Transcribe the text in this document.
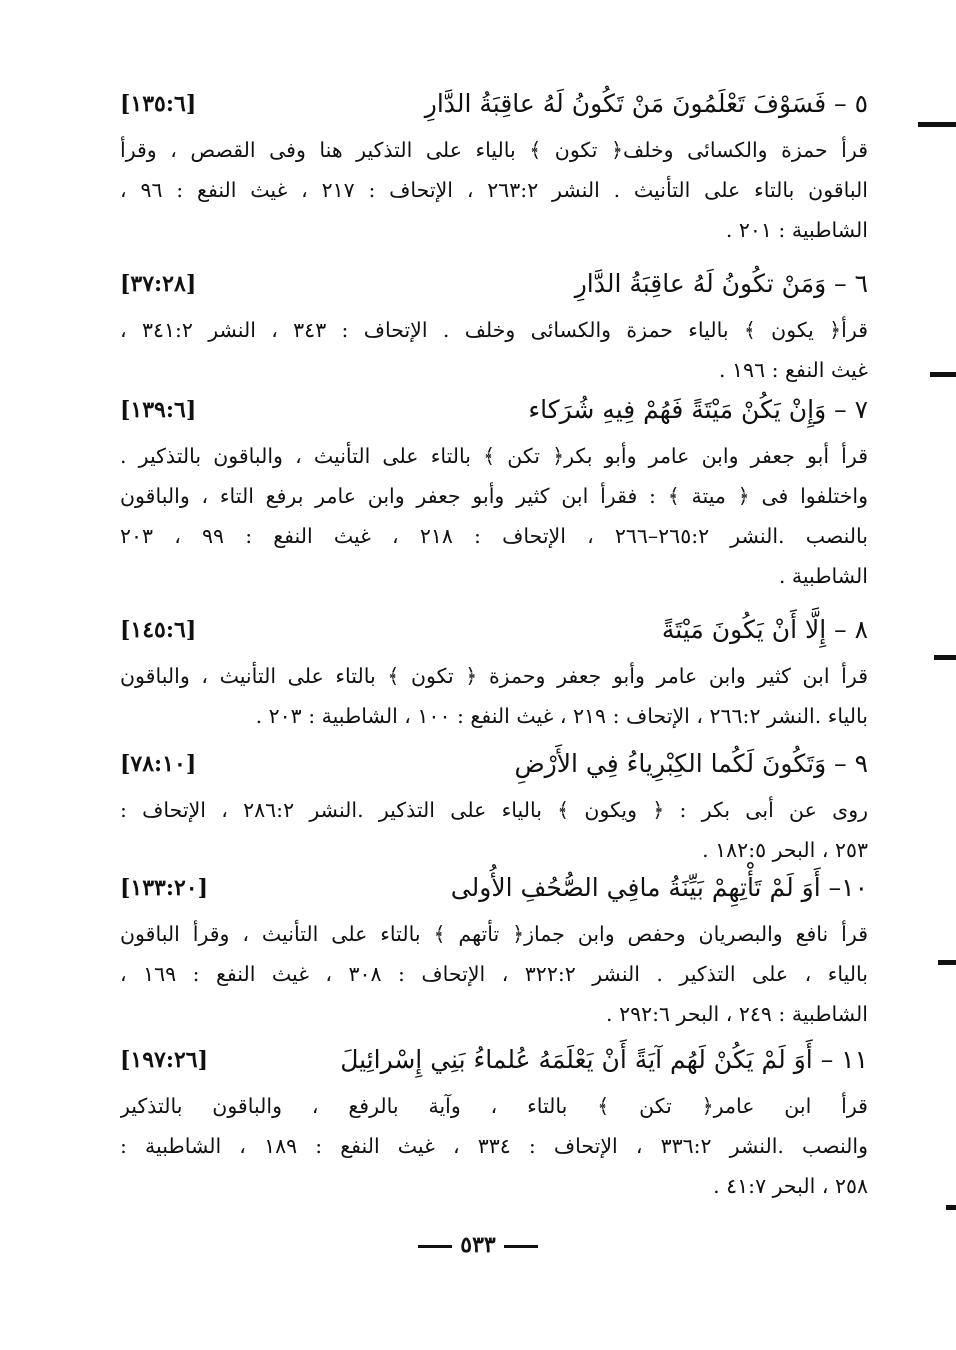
٥ – فَسَوْفَ تَعْلَمُونَ مَنْ تَكُونُ لَهُ عاقِبَةُ الدَّارِ
[١٣٥:٦]
قرأ حمزة والكسائى وخلف﴿ تكون ﴾ بالياء على التذكير هنا وفى القصص ، وقرأ
الباقون بالتاء على التأنيث . النشر ٢٦٣:٢ ، الإتحاف : ٢١٧ ، غيث النفع : ٩٦ ،
الشاطبية : ٢٠١ .
٦ – وَمَنْ تكُونُ لَهُ عاقِبَةُ الدَّارِ
[٣٧:٢٨]
قرأ﴿ يكون ﴾ بالياء حمزة والكسائى وخلف . الإتحاف : ٣٤٣ ، النشر ٣٤١:٢ ،
غيث النفع : ١٩٦ .
٧ – وَإِنْ يَكُنْ مَيْتَةً فَهُمْ فِيهِ شُرَكاء
[١٣٩:٦]
قرأ أبو جعفر وابن عامر وأبو بكر﴿ تكن ﴾ بالتاء على التأنيث ، والباقون بالتذكير .
واختلفوا فى ﴿ ميتة ﴾ : فقرأ ابن كثير وأبو جعفر وابن عامر برفع التاء ، والباقون
بالنصب .النشر ٢٦٥:٢–٢٦٦ ، الإتحاف : ٢١٨ ، غيث النفع : ٩٩ ، ٢٠٣
الشاطبية .
٨ – إِلَّا أَنْ يَكُونَ مَيْتَةً
[١٤٥:٦]
قرأ ابن كثير وابن عامر وأبو جعفر وحمزة ﴿ تكون ﴾ بالتاء على التأنيث ، والباقون
بالياء .النشر ٢٦٦:٢ ، الإتحاف : ٢١٩ ، غيث النفع : ١٠٠ ، الشاطبية : ٢٠٣ .
٩ – وَتَكُونَ لَكُما الكِبْرِياءُ فِي الأَرْضِ
[٧٨:١٠]
روى عن أبى بكر : ﴿ ويكون ﴾ بالياء على التذكير .النشر ٢٨٦:٢ ، الإتحاف :
٢٥٣ ، البحر ١٨٢:٥ .
١٠– أَوَ لَمْ تَأْتِهِمْ بَيِّنَةُ مافِي الصُّحُفِ الأُولى
[١٣٣:٢٠]
قرأ نافع والبصريان وحفص وابن جماز﴿ تأتهم ﴾ بالتاء على التأنيث ، وقرأ الباقون
بالياء ، على التذكير . النشر ٣٢٢:٢ ، الإتحاف : ٣٠٨ ، غيث النفع : ١٦٩ ،
الشاطبية : ٢٤٩ ، البحر ٢٩٢:٦ .
١١ – أَوَ لَمْ يَكُنْ لَهُم آيَةً أَنْ يَعْلَمَهُ عُلماءُ بَنِي إِسْرائِيلَ
[١٩٧:٢٦]
قرأ ابن عامر﴿ تكن ﴾ بالتاء ، وآية بالرفع ، والباقون بالتذكير
والنصب .النشر ٣٣٦:٢ ، الإتحاف : ٣٣٤ ، غيث النفع : ١٨٩ ، الشاطبية :
٢٥٨ ، البحر ٤١:٧ .
٥٣٣
